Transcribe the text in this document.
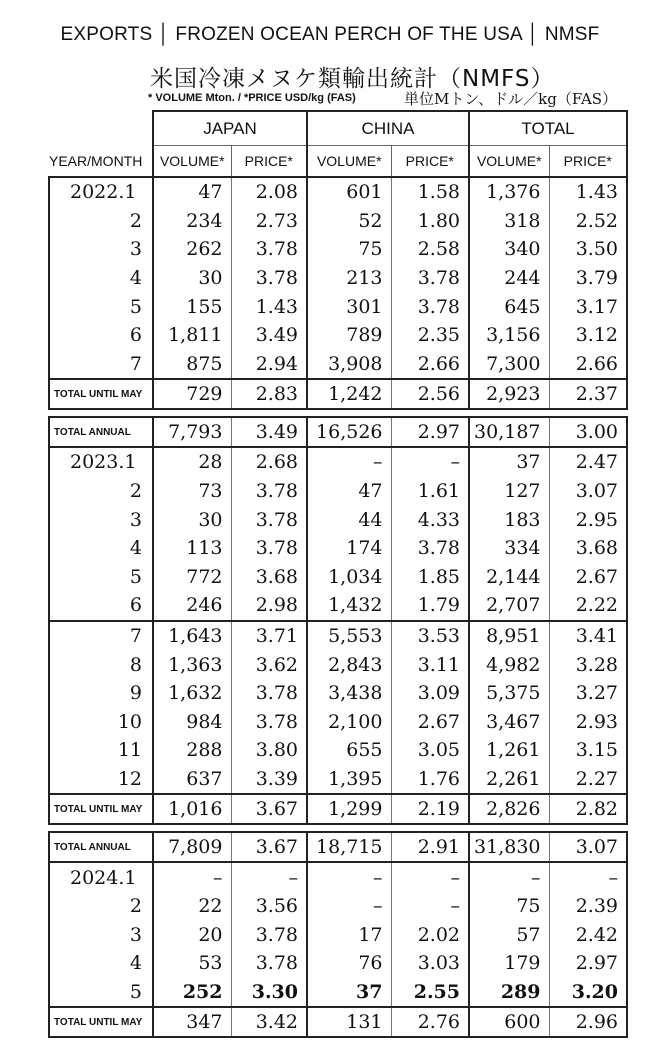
EXPORTS │ FROZEN OCEAN PERCH OF THE USA │ NMSF
米国冷凍メヌケ類輸出統計（NMFS）
* VOLUME Mton. / *PRICE USD/kg (FAS)	単位Mトン、ドル／kg（FAS）
	JAPAN		CHINA		TOTAL	
YEAR/MONTH	VOLUME*	PRICE*	VOLUME*	PRICE*	VOLUME*	PRICE*
2022.1	47	2.08	601	1.58	1,376	1.43
2	234	2.73	52	1.80	318	2.52
3	262	3.78	75	2.58	340	3.50
4	30	3.78	213	3.78	244	3.79
5	155	1.43	301	3.78	645	3.17
6	1,811	3.49	789	2.35	3,156	3.12
7	875	2.94	3,908	2.66	7,300	2.66
TOTAL UNTIL MAY	729	2.83	1,242	2.56	2,923	2.37

TOTAL ANNUAL	7,793	3.49	16,526	2.97	30,187	3.00
2023.1	28	2.68	–	–	37	2.47
2	73	3.78	47	1.61	127	3.07
3	30	3.78	44	4.33	183	2.95
4	113	3.78	174	3.78	334	3.68
5	772	3.68	1,034	1.85	2,144	2.67
6	246	2.98	1,432	1.79	2,707	2.22
7	1,643	3.71	5,553	3.53	8,951	3.41
8	1,363	3.62	2,843	3.11	4,982	3.28
9	1,632	3.78	3,438	3.09	5,375	3.27
10	984	3.78	2,100	2.67	3,467	2.93
11	288	3.80	655	3.05	1,261	3.15
12	637	3.39	1,395	1.76	2,261	2.27
TOTAL UNTIL MAY	1,016	3.67	1,299	2.19	2,826	2.82

TOTAL ANNUAL	7,809	3.67	18,715	2.91	31,830	3.07
2024.1	–	–	–	–	–	–
2	22	3.56	–	–	75	2.39
3	20	3.78	17	2.02	57	2.42
4	53	3.78	76	3.03	179	2.97
5	252	3.30	37	2.55	289	3.20
TOTAL UNTIL MAY	347	3.42	131	2.76	600	2.96
